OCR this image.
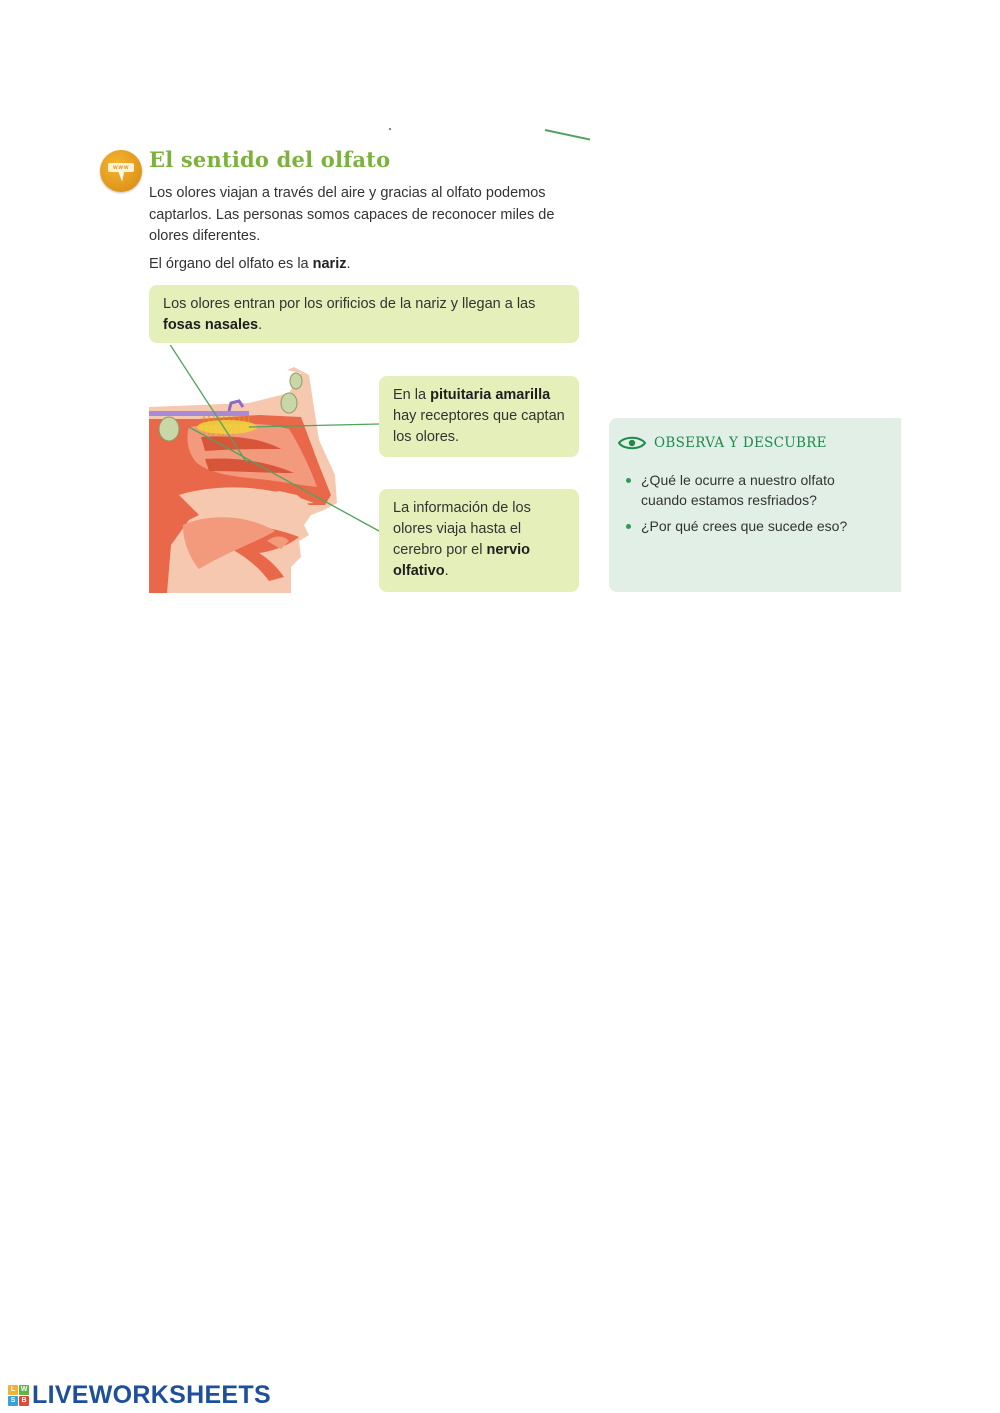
www El sentido del olfato
Los olores viajan a través del aire y gracias al olfato podemos captarlos. Las personas somos capaces de reconocer miles de olores diferentes.
El órgano del olfato es la nariz.
Los olores entran por los orificios de la nariz y llegan a las fosas nasales.
En la pituitaria amarilla hay receptores que captan los olores.
La información de los olores viaja hasta el cerebro por el nervio olfativo.
OBSERVA Y DESCUBRE
¿Qué le ocurre a nuestro olfato cuando estamos resfriados?
¿Por qué crees que sucede eso?
L W
S B LIVEWORKSHEETS
